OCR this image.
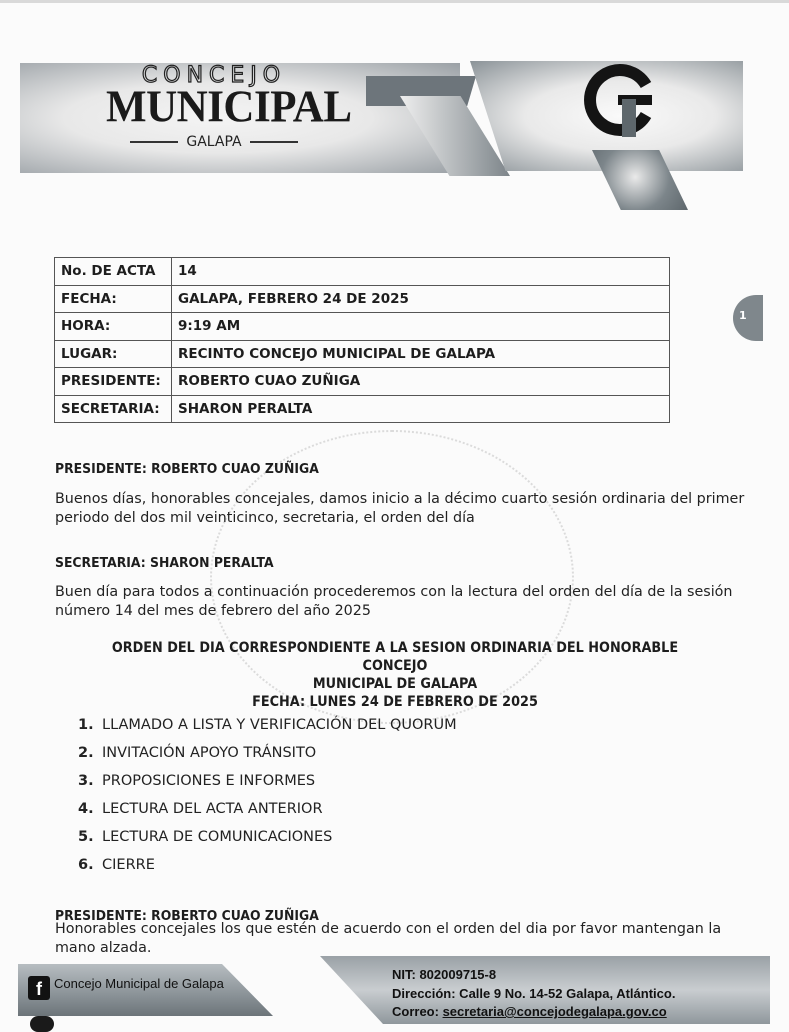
CONCEJO
MUNICIPAL
GALAPA
1
No. DE ACTA	14
FECHA:	GALAPA, FEBRERO 24 DE 2025
HORA:	9:19 AM
LUGAR:	RECINTO CONCEJO MUNICIPAL DE GALAPA
PRESIDENTE:	ROBERTO CUAO ZUÑIGA
SECRETARIA:	SHARON PERALTA
PRESIDENTE: ROBERTO CUAO ZUÑIGA
Buenos días, honorables concejales, damos inicio a la décimo cuarto sesión ordinaria del primer periodo del dos mil veinticinco, secretaria, el orden del día
SECRETARIA: SHARON PERALTA
Buen día para todos a continuación procederemos con la lectura del orden del día de la sesión número 14 del mes de febrero del año 2025
ORDEN DEL DIA CORRESPONDIENTE A LA SESION ORDINARIA DEL HONORABLE CONCEJO
MUNICIPAL DE GALAPA
FECHA: LUNES 24 DE FEBRERO DE 2025
1. LLAMADO A LISTA Y VERIFICACIÓN DEL QUORUM
2. INVITACIÓN APOYO TRÁNSITO
3. PROPOSICIONES E INFORMES
4. LECTURA DEL ACTA ANTERIOR
5. LECTURA DE COMUNICACIONES
6. CIERRE
PRESIDENTE: ROBERTO CUAO ZUÑIGA
Honorables concejales los que estén de acuerdo con el orden del dia por favor mantengan la mano alzada.
f Concejo Municipal de Galapa
NIT: 802009715-8
Dirección: Calle 9 No. 14-52 Galapa, Atlántico.
Correo: secretaria@concejodegalapa.gov.co
